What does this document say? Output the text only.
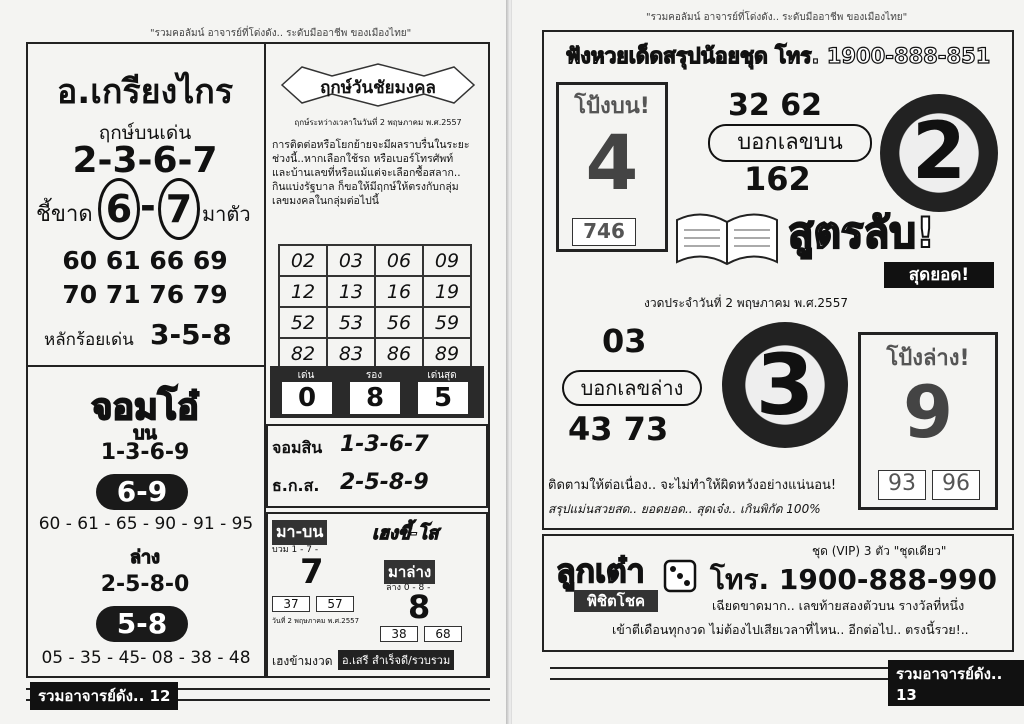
"รวมคอลัมน์ อาจารย์ที่โด่งดัง.. ระดับมืออาชีพ ของเมืองไทย"
อ.เกรียงไกร
ฤกษ์บนเด่น
2-3-6-7
ชี้ขาด 6 - 7 มาตัว
60 61 66 69
70 71 76 79
หลักร้อยเด่น 3-5-8
ฤกษ์วันชัยมงคล
ฤกษ์ระหว่างเวลาในวันที่ 2 พฤษภาคม พ.ศ.2557
การติดต่อหรือโยกย้ายจะมีผลราบรื่นในระยะ
ช่วงนี้..หากเลือกใช้รถ หรือเบอร์โทรศัพท์
และบ้านเลขที่หรือแม้แต่จะเลือกซื้อสลาก..
กินแบ่งรัฐบาล ก็ขอให้มีฤกษ์ให้ตรงกับกลุ่ม
เลขมงคลในกลุ่มต่อไปนี้
02	03	06	09
12	13	16	19
52	53	56	59
82	83	86	89
เด่น	รอง	เด่นสุด
0	8	5
จอมสิน 1-3-6-7
ธ.ก.ส. 2-5-8-9
จอมโอ๋
บน
1-3-6-9
6-9
60 - 61 - 65 - 90 - 91 - 95
ล่าง
2-5-8-0
5-8
05 - 35 - 45- 08 - 38 - 48
มา-บน
บวม 1 - 7 -
7
37	57
วันที่ 2 พฤษภาคม พ.ศ.2557
เฮงขี้-โส
มาล่าง
ล่าง 0 - 8 -
8
38	68
เฮงข้ามงวด อ.เสรี สำเร็จดี/รวบรวม
รวมอาจารย์ดัง.. 12
"รวมคอลัมน์ อาจารย์ที่โด่งดัง.. ระดับมืออาชีพ ของเมืองไทย"
ฟังหวยเด็ดสรุปน้อยชุด โทร. 1900-888-851
โป้งบน!
4
746
32 62
บอกเลขบน
162	2
สูตรลับ!
สุดยอด!
งวดประจำวันที่ 2 พฤษภาคม พ.ศ.2557
03
บอกเลขล่าง
43 73	3	โป้งล่าง!
9
93	96
ติดตามให้ต่อเนื่อง.. จะไม่ทำให้ผิดหวังอย่างแน่นอน!
สรุปแม่นสวยสด.. ยอดยอด.. สุดเจ๋ง.. เกินพิกัด 100%
ลูกเต๋า
พิชิตโชค
ชุด (VIP) 3 ตัว "ชุดเดียว"
โทร. 1900-888-990
เฉียดขาดมาก.. เลขท้ายสองตัวบน รางวัลที่หนึ่ง
เข้าตีเดือนทุกงวด ไม่ต้องไปเสียเวลาที่ไหน.. อีกต่อไป.. ตรงนี้รวย!..
รวมอาจารย์ดัง.. 13
